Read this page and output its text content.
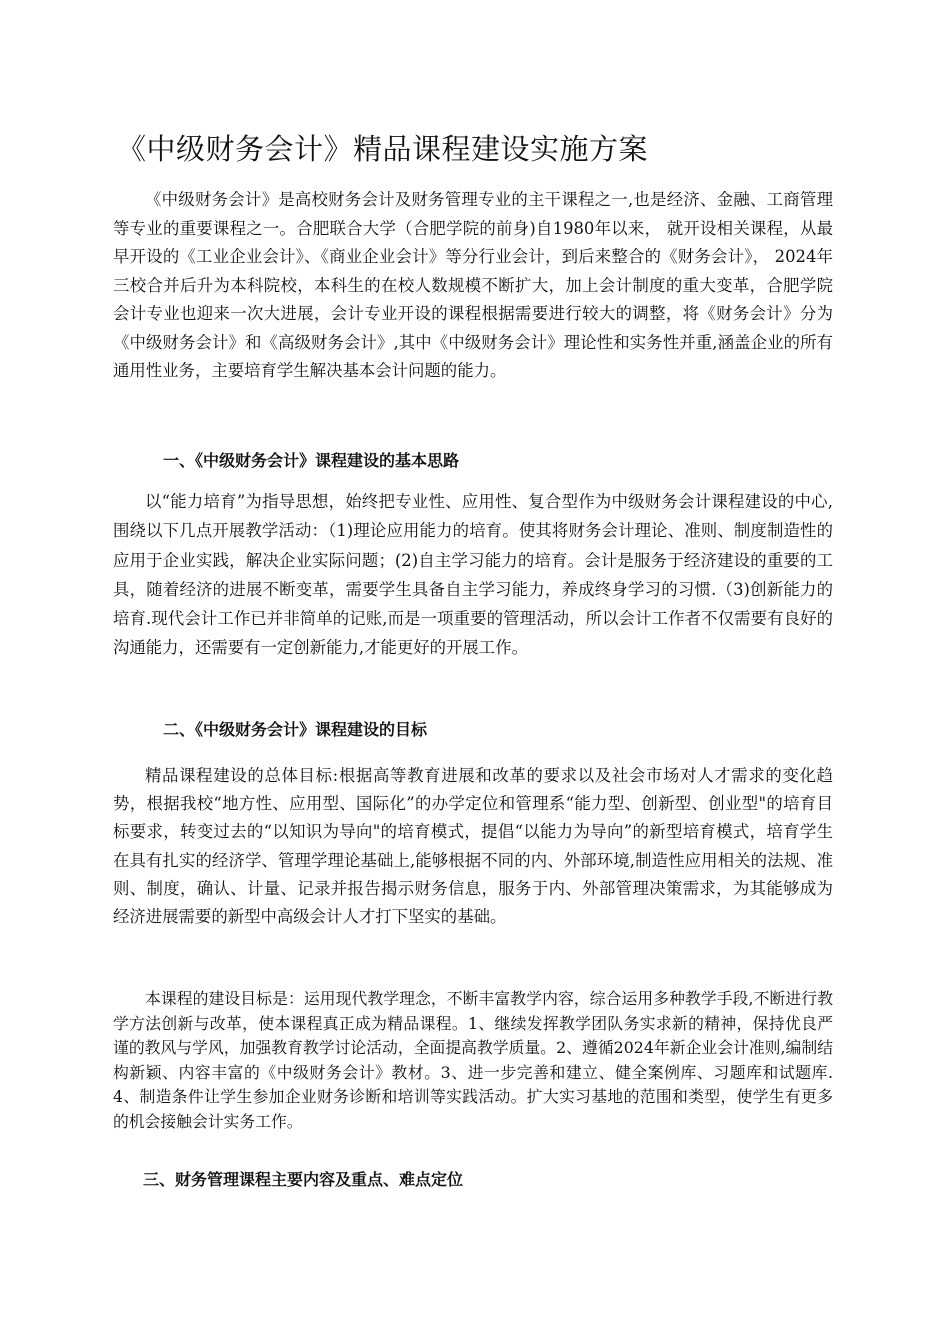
《中级财务会计》精品课程建设实施方案

《中级财务会计》是高校财务会计及财务管理专业的主干课程之一,也是经济、金融、工商管理等专业的重要课程之一。合肥联合大学（合肥学院的前身)自1980年以来， 就开设相关课程，从最早开设的《工业企业会计》、《商业企业会计》等分行业会计，到后来整合的《财务会计》， 2024年三校合并后升为本科院校，本科生的在校人数规模不断扩大，加上会计制度的重大变革，合肥学院会计专业也迎来一次大进展，会计专业开设的课程根据需要进行较大的调整，将《财务会计》分为《中级财务会计》和《高级财务会计》,其中《中级财务会计》理论性和实务性并重,涵盖企业的所有通用性业务，主要培育学生解决基本会计问题的能力。

一、《中级财务会计》课程建设的基本思路

以“能力培育”为指导思想，始终把专业性、应用性、复合型作为中级财务会计课程建设的中心,围绕以下几点开展教学活动：（1)理论应用能力的培育。使其将财务会计理论、准则、制度制造性的应用于企业实践，解决企业实际问题；(2)自主学习能力的培育。会计是服务于经济建设的重要的工具，随着经济的进展不断变革，需要学生具备自主学习能力，养成终身学习的习惯.（3)创新能力的培育.现代会计工作已并非简单的记账,而是一项重要的管理活动，所以会计工作者不仅需要有良好的沟通能力，还需要有一定创新能力,才能更好的开展工作。

二、《中级财务会计》课程建设的目标

精品课程建设的总体目标:根据高等教育进展和改革的要求以及社会市场对人才需求的变化趋势，根据我校“地方性、应用型、国际化”的办学定位和管理系“能力型、创新型、创业型"的培育目标要求，转变过去的“以知识为导向"的培育模式，提倡“以能力为导向”的新型培育模式，培育学生在具有扎实的经济学、管理学理论基础上,能够根据不同的内、外部环境,制造性应用相关的法规、准则、制度，确认、计量、记录并报告揭示财务信息，服务于内、外部管理决策需求，为其能够成为经济进展需要的新型中高级会计人才打下坚实的基础。

本课程的建设目标是：运用现代教学理念，不断丰富教学内容，综合运用多种教学手段,不断进行教学方法创新与改革，使本课程真正成为精品课程。1、继续发挥教学团队务实求新的精神，保持优良严谨的教风与学风，加强教育教学讨论活动，全面提高教学质量。2、遵循2024年新企业会计准则,编制结构新颖、内容丰富的《中级财务会计》教材。3、进一步完善和建立、健全案例库、习题库和试题库.4、制造条件让学生参加企业财务诊断和培训等实践活动。扩大实习基地的范围和类型，使学生有更多的机会接触会计实务工作。

三、财务管理课程主要内容及重点、难点定位
